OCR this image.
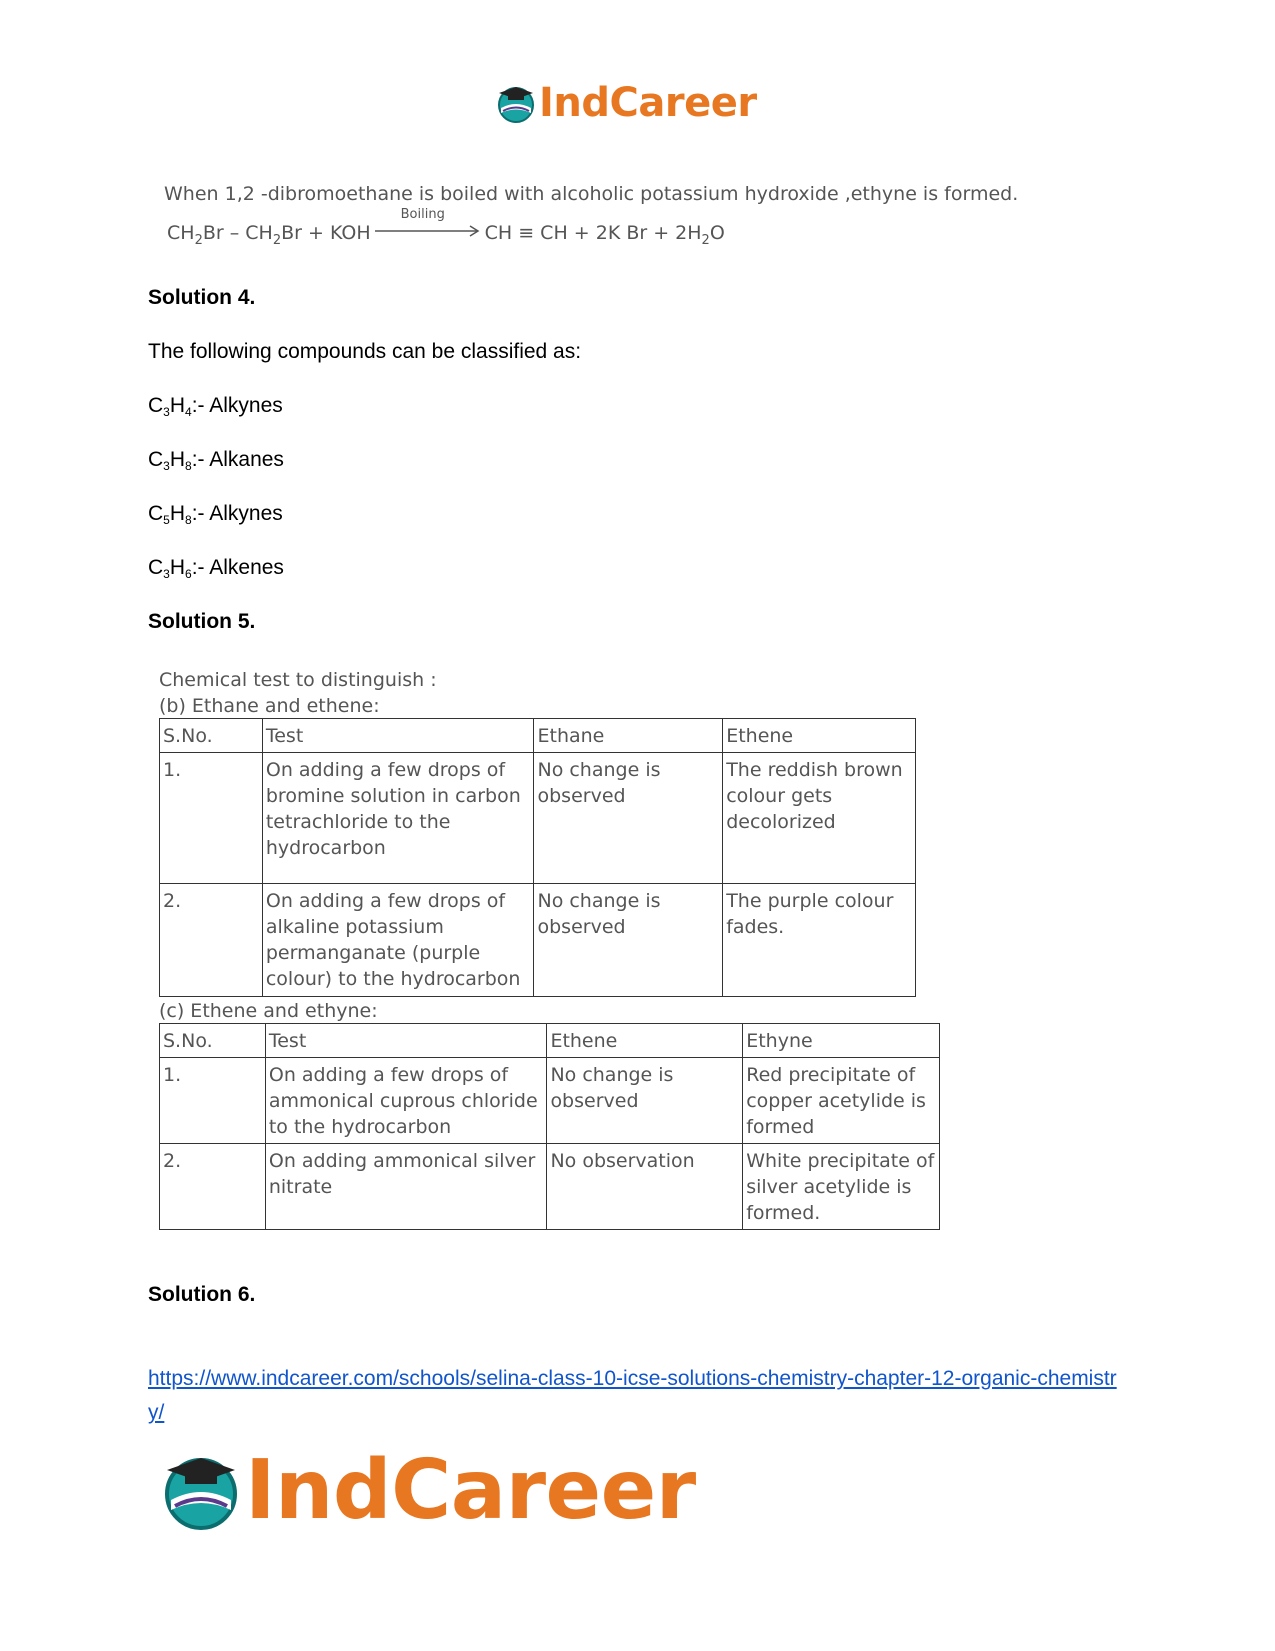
IndCareer
When 1,2 -dibromoethane is boiled with alcoholic potassium hydroxide ,ethyne is formed.
$CH_2Br - CH_2Br$ + KOH
Boiling
CH ≡ CH + 2K $Br + 2H_2O$
Solution 4.
The following compounds can be classified as:
$C_3H_4:-$ Alkynes
$C_3H_8:-$ Alkanes
$C_5H_8:-$ Alkynes
$C_3H_6:-$ Alkenes
Solution 5.
Chemical test to distinguish :
(b) Ethane and ethene:
S.No.	Test	Ethane	Ethene
1.	On adding a few drops of bromine solution in carbon tetrachloride to the hydrocarbon	No change is observed	The reddish brown colour gets decolorized
2.	On adding a few drops of alkaline potassium permanganate (purple colour) to the hydrocarbon	No change is observed	The purple colour fades.
(c) Ethene and ethyne:
S.No.	Test	Ethene	Ethyne
1.	On adding a few drops of ammonical cuprous chloride to the hydrocarbon	No change is observed	Red precipitate of copper acetylide is formed
2.	On adding ammonical silver nitrate	No observation	White precipitate of silver acetylide is formed.
Solution 6.
https://www.indcareer.com/schools/selina-class-10-icse-solutions-chemistry-chapter-12-organic-chemistry/
IndCareer
